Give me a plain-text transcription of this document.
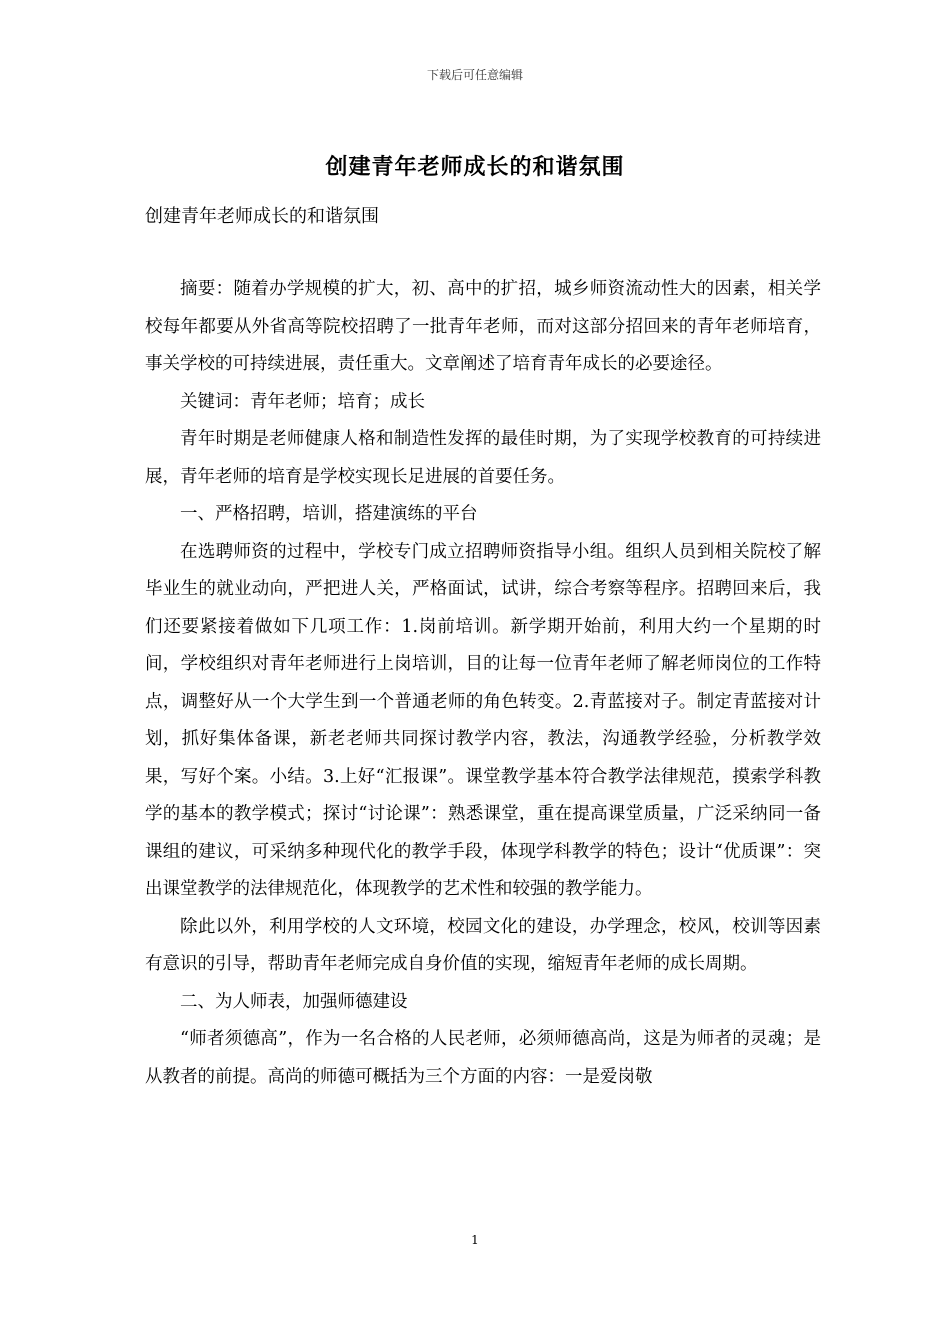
下载后可任意编辑
创建青年老师成长的和谐氛围
创建青年老师成长的和谐氛围

摘要：随着办学规模的扩大，初、高中的扩招，城乡师资流动性大的因素，相关学校每年都要从外省高等院校招聘了一批青年老师，而对这部分招回来的青年老师培育，事关学校的可持续进展，责任重大。文章阐述了培育青年成长的必要途径。

关键词：青年老师；培育；成长

青年时期是老师健康人格和制造性发挥的最佳时期，为了实现学校教育的可持续进展，青年老师的培育是学校实现长足进展的首要任务。

一、严格招聘，培训，搭建演练的平台

在选聘师资的过程中，学校专门成立招聘师资指导小组。组织人员到相关院校了解毕业生的就业动向，严把进人关，严格面试，试讲，综合考察等程序。招聘回来后，我们还要紧接着做如下几项工作：1.岗前培训。新学期开始前，利用大约一个星期的时间，学校组织对青年老师进行上岗培训，目的让每一位青年老师了解老师岗位的工作特点，调整好从一个大学生到一个普通老师的角色转变。2.青蓝接对子。制定青蓝接对计划，抓好集体备课，新老老师共同探讨教学内容，教法，沟通教学经验，分析教学效果，写好个案。小结。3.上好“汇报课”。课堂教学基本符合教学法律规范，摸索学科教学的基本的教学模式；探讨“讨论课”：熟悉课堂，重在提高课堂质量，广泛采纳同一备课组的建议，可采纳多种现代化的教学手段，体现学科教学的特色；设计“优质课”：突出课堂教学的法律规范化，体现教学的艺术性和较强的教学能力。

除此以外，利用学校的人文环境，校园文化的建设，办学理念，校风，校训等因素有意识的引导，帮助青年老师完成自身价值的实现，缩短青年老师的成长周期。

二、为人师表，加强师德建设

“师者须德高”，作为一名合格的人民老师，必须师德高尚，这是为师者的灵魂；是从教者的前提。高尚的师德可概括为三个方面的内容：一是爱岗敬

1
